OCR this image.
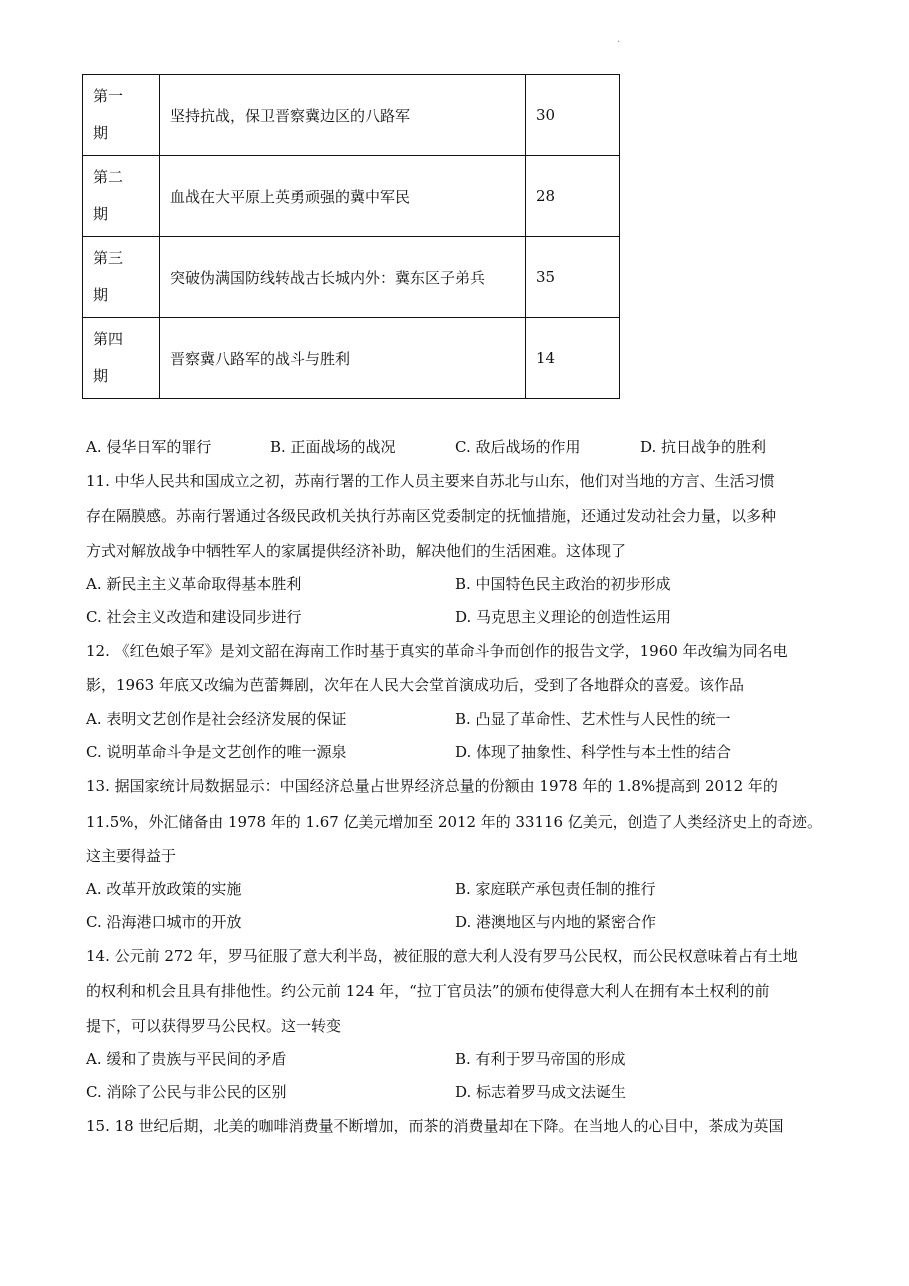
.
第一
期	坚持抗战，保卫晋察冀边区的八路军	30
第二
期	血战在大平原上英勇顽强的冀中军民	28
第三
期	突破伪满国防线转战古长城内外：冀东区子弟兵	35
第四
期	晋察冀八路军的战斗与胜利	14
A. 侵华日军的罪行	B. 正面战场的战况	C. 敌后战场的作用	D. 抗日战争的胜利
11. 中华人民共和国成立之初，苏南行署的工作人员主要来自苏北与山东，他们对当地的方言、生活习惯
存在隔膜感。苏南行署通过各级民政机关执行苏南区党委制定的抚恤措施，还通过发动社会力量，以多种
方式对解放战争中牺牲军人的家属提供经济补助，解决他们的生活困难。这体现了
A. 新民主主义革命取得基本胜利	B. 中国特色民主政治的初步形成
C. 社会主义改造和建设同步进行	D. 马克思主义理论的创造性运用
12. 《红色娘子军》是刘文韶在海南工作时基于真实的革命斗争而创作的报告文学，1960 年改编为同名电
影，1963 年底又改编为芭蕾舞剧，次年在人民大会堂首演成功后，受到了各地群众的喜爱。该作品
A. 表明文艺创作是社会经济发展的保证	B. 凸显了革命性、艺术性与人民性的统一
C. 说明革命斗争是文艺创作的唯一源泉	D. 体现了抽象性、科学性与本土性的结合
13. 据国家统计局数据显示：中国经济总量占世界经济总量的份额由 1978 年的 1.8%提高到 2012 年的
11.5%，外汇储备由 1978 年的 1.67 亿美元增加至 2012 年的 33116 亿美元，创造了人类经济史上的奇迹。
这主要得益于
A. 改革开放政策的实施	B. 家庭联产承包责任制的推行
C. 沿海港口城市的开放	D. 港澳地区与内地的紧密合作
14. 公元前 272 年，罗马征服了意大利半岛，被征服的意大利人没有罗马公民权，而公民权意味着占有土地
的权利和机会且具有排他性。约公元前 124 年，“拉丁官员法”的颁布使得意大利人在拥有本土权利的前
提下，可以获得罗马公民权。这一转变
A. 缓和了贵族与平民间的矛盾	B. 有利于罗马帝国的形成
C. 消除了公民与非公民的区别	D. 标志着罗马成文法诞生
15. 18 世纪后期，北美的咖啡消费量不断增加，而茶的消费量却在下降。在当地人的心目中，茶成为英国
